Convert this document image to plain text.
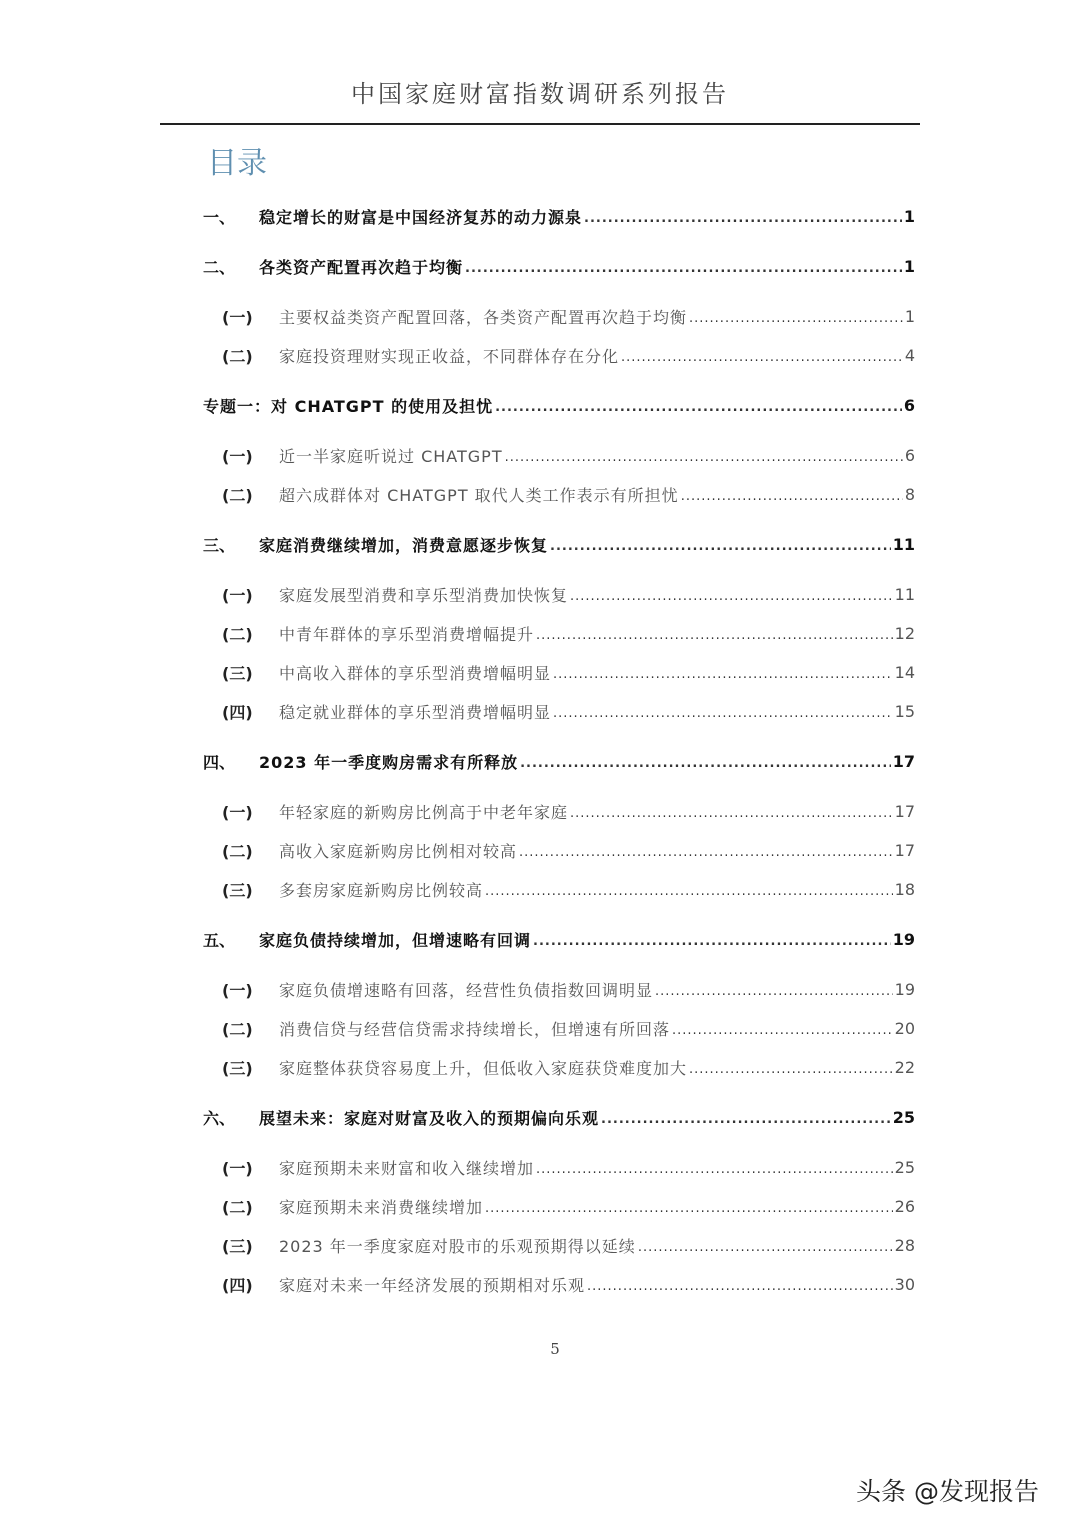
中国家庭财富指数调研系列报告
目录
一、	稳定增长的财富是中国经济复苏的动力源泉 .....	1
二、	各类资产配置再次趋于均衡 .....	1
(一)	主要权益类资产配置回落，各类资产配置再次趋于均衡 .....	1
(二)	家庭投资理财实现正收益，不同群体存在分化 .....	4
专题一：对 CHATGPT 的使用及担忧 .....	6
(一)	近一半家庭听说过 CHATGPT .....	6
(二)	超六成群体对 CHATGPT 取代人类工作表示有所担忧 .....	8
三、	家庭消费继续增加，消费意愿逐步恢复 .....	11
(一)	家庭发展型消费和享乐型消费加快恢复 .....	11
(二)	中青年群体的享乐型消费增幅提升 .....	12
(三)	中高收入群体的享乐型消费增幅明显 .....	14
(四)	稳定就业群体的享乐型消费增幅明显 .....	15
四、	2023 年一季度购房需求有所释放 .....	17
(一)	年轻家庭的新购房比例高于中老年家庭 .....	17
(二)	高收入家庭新购房比例相对较高 .....	17
(三)	多套房家庭新购房比例较高 .....	18
五、	家庭负债持续增加，但增速略有回调 .....	19
(一)	家庭负债增速略有回落，经营性负债指数回调明显 .....	19
(二)	消费信贷与经营信贷需求持续增长，但增速有所回落 .....	20
(三)	家庭整体获贷容易度上升，但低收入家庭获贷难度加大 .....	22
六、	展望未来：家庭对财富及收入的预期偏向乐观 .....	25
(一)	家庭预期未来财富和收入继续增加 .....	25
(二)	家庭预期未来消费继续增加 .....	26
(三)	2023 年一季度家庭对股市的乐观预期得以延续 .....	28
(四)	家庭对未来一年经济发展的预期相对乐观 .....	30
5
头条 @发现报告
